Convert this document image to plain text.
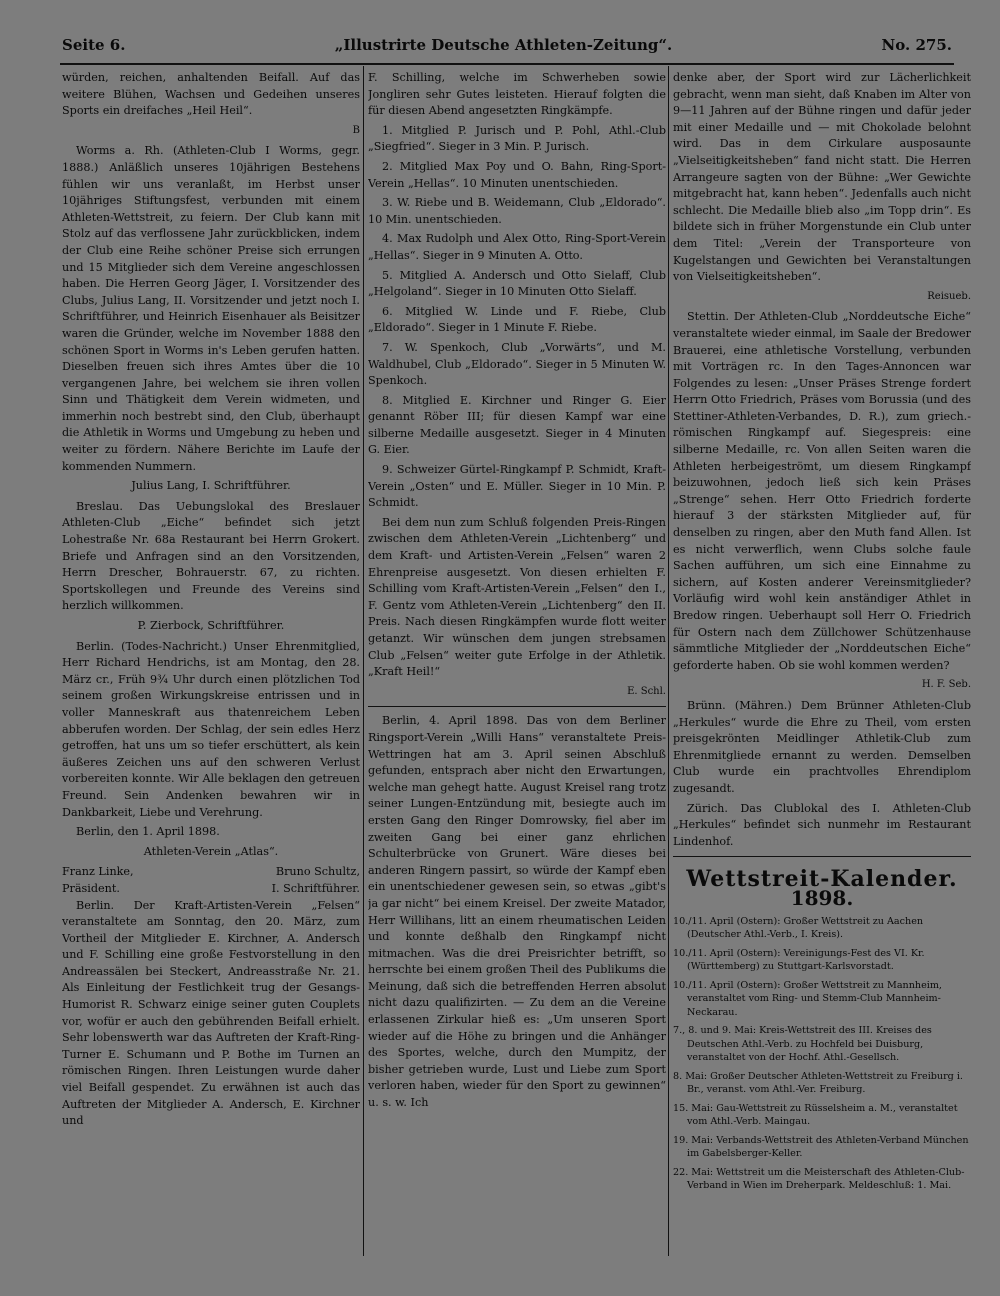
Seite 6.	„Illustrirte Deutsche Athleten-Zeitung“.	No. 275.

würden, reichen, anhaltenden Beifall. Auf das weitere Blühen, Wachsen und Gedeihen unseres Sports ein dreifaches „Heil Heil“.

B

Worms a. Rh. (Athleten-Club I Worms, gegr. 1888.) Anläßlich unseres 10jährigen Bestehens fühlen wir uns veranlaßt, im Herbst unser 10jähriges Stiftungsfest, verbunden mit einem Athleten-Wettstreit, zu feiern. Der Club kann mit Stolz auf das verflossene Jahr zurückblicken, indem der Club eine Reihe schöner Preise sich errungen und 15 Mitglieder sich dem Vereine angeschlossen haben. Die Herren Georg Jäger, I. Vorsitzender des Clubs, Julius Lang, II. Vorsitzender und jetzt noch I. Schriftführer, und Heinrich Eisenhauer als Beisitzer waren die Gründer, welche im November 1888 den schönen Sport in Worms in's Leben gerufen hatten. Dieselben freuen sich ihres Amtes über die 10 vergangenen Jahre, bei welchem sie ihren vollen Sinn und Thätigkeit dem Verein widmeten, und immerhin noch bestrebt sind, den Club, überhaupt die Athletik in Worms und Umgebung zu heben und weiter zu fördern. Nähere Berichte im Laufe der kommenden Nummern.

Julius Lang, I. Schriftführer.

Breslau. Das Uebungslokal des Breslauer Athleten-Club „Eiche“ befindet sich jetzt Lohestraße Nr. 68a Restaurant bei Herrn Grokert. Briefe und Anfragen sind an den Vorsitzenden, Herrn Drescher, Bohrauerstr. 67, zu richten. Sportskollegen und Freunde des Vereins sind herzlich willkommen.

P. Zierbock, Schriftführer.

Berlin. (Todes-Nachricht.) Unser Ehrenmitglied, Herr Richard Hendrichs, ist am Montag, den 28. März cr., Früh 9¾ Uhr durch einen plötzlichen Tod seinem großen Wirkungskreise entrissen und in voller Manneskraft aus thatenreichem Leben abberufen worden. Der Schlag, der sein edles Herz getroffen, hat uns um so tiefer erschüttert, als kein äußeres Zeichen uns auf den schweren Verlust vorbereiten konnte. Wir Alle beklagen den getreuen Freund. Sein Andenken bewahren wir in Dankbarkeit, Liebe und Verehrung.

Berlin, den 1. April 1898.

Athleten-Verein „Atlas“.
Franz Linke,	Bruno Schultz,
Präsident.	I. Schriftführer.

Berlin. Der Kraft-Artisten-Verein „Felsen“ veranstaltete am Sonntag, den 20. März, zum Vortheil der Mitglieder E. Kirchner, A. Andersch und F. Schilling eine große Festvorstellung in den Andreassälen bei Steckert, Andreasstraße Nr. 21. Als Einleitung der Festlichkeit trug der Gesangs-Humorist R. Schwarz einige seiner guten Couplets vor, wofür er auch den gebührenden Beifall erhielt. Sehr lobenswerth war das Auftreten der Kraft-Ring-Turner E. Schumann und P. Bothe im Turnen an römischen Ringen. Ihren Leistungen wurde daher viel Beifall gespendet. Zu erwähnen ist auch das Auftreten der Mitglieder A. Andersch, E. Kirchner und

F. Schilling, welche im Schwerheben sowie Jongliren sehr Gutes leisteten. Hierauf folgten die für diesen Abend angesetzten Ringkämpfe.

1. Mitglied P. Jurisch und P. Pohl, Athl.-Club „Siegfried“. Sieger in 3 Min. P. Jurisch.

2. Mitglied Max Poy und O. Bahn, Ring-Sport-Verein „Hellas“. 10 Minuten unentschieden.

3. W. Riebe und B. Weidemann, Club „Eldorado“. 10 Min. unentschieden.

4. Max Rudolph und Alex Otto, Ring-Sport-Verein „Hellas“. Sieger in 9 Minuten A. Otto.

5. Mitglied A. Andersch und Otto Sielaff, Club „Helgoland“. Sieger in 10 Minuten Otto Sielaff.

6. Mitglied W. Linde und F. Riebe, Club „Eldorado“. Sieger in 1 Minute F. Riebe.

7. W. Spenkoch, Club „Vorwärts“, und M. Waldhubel, Club „Eldorado“. Sieger in 5 Minuten W. Spenkoch.

8. Mitglied E. Kirchner und Ringer G. Eier genannt Röber III; für diesen Kampf war eine silberne Medaille ausgesetzt. Sieger in 4 Minuten G. Eier.

9. Schweizer Gürtel-Ringkampf P. Schmidt, Kraft-Verein „Osten“ und E. Müller. Sieger in 10 Min. P. Schmidt.

Bei dem nun zum Schluß folgenden Preis-Ringen zwischen dem Athleten-Verein „Lichtenberg“ und dem Kraft- und Artisten-Verein „Felsen“ waren 2 Ehrenpreise ausgesetzt. Von diesen erhielten F. Schilling vom Kraft-Artisten-Verein „Felsen“ den I., F. Gentz vom Athleten-Verein „Lichtenberg“ den II. Preis. Nach diesen Ringkämpfen wurde flott weiter getanzt. Wir wünschen dem jungen strebsamen Club „Felsen“ weiter gute Erfolge in der Athletik. „Kraft Heil!“

E. Schl.

Berlin, 4. April 1898. Das von dem Berliner Ringsport-Verein „Willi Hans“ veranstaltete Preis-Wettringen hat am 3. April seinen Abschluß gefunden, entsprach aber nicht den Erwartungen, welche man gehegt hatte. August Kreisel rang trotz seiner Lungen-Entzündung mit, besiegte auch im ersten Gang den Ringer Domrowsky, fiel aber im zweiten Gang bei einer ganz ehrlichen Schulterbrücke von Grunert. Wäre dieses bei anderen Ringern passirt, so würde der Kampf eben ein unentschiedener gewesen sein, so etwas „gibt's ja gar nicht“ bei einem Kreisel. Der zweite Matador, Herr Willihans, litt an einem rheumatischen Leiden und konnte deßhalb den Ringkampf nicht mitmachen. Was die drei Preisrichter betrifft, so herrschte bei einem großen Theil des Publikums die Meinung, daß sich die betreffenden Herren absolut nicht dazu qualifizirten. — Zu dem an die Vereine erlassenen Zirkular hieß es: „Um unseren Sport wieder auf die Höhe zu bringen und die Anhänger des Sportes, welche, durch den Mumpitz, der bisher getrieben wurde, Lust und Liebe zum Sport verloren haben, wieder für den Sport zu gewinnen“ u. s. w. Ich

denke aber, der Sport wird zur Lächerlichkeit gebracht, wenn man sieht, daß Knaben im Alter von 9—11 Jahren auf der Bühne ringen und dafür jeder mit einer Medaille und — mit Chokolade belohnt wird. Das in dem Cirkulare ausposaunte „Vielseitigkeitsheben“ fand nicht statt. Die Herren Arrangeure sagten von der Bühne: „Wer Gewichte mitgebracht hat, kann heben“. Jedenfalls auch nicht schlecht. Die Medaille blieb also „im Topp drin“. Es bildete sich in früher Morgenstunde ein Club unter dem Titel: „Verein der Transporteure von Kugelstangen und Gewichten bei Veranstaltungen von Vielseitigkeitsheben“.

Reisueb.

Stettin. Der Athleten-Club „Norddeutsche Eiche“ veranstaltete wieder einmal, im Saale der Bredower Brauerei, eine athletische Vorstellung, verbunden mit Vorträgen rc. In den Tages-Annoncen war Folgendes zu lesen: „Unser Präses Strenge fordert Herrn Otto Friedrich, Präses vom Borussia (und des Stettiner-Athleten-Verbandes, D. R.), zum griech.-römischen Ringkampf auf. Siegespreis: eine silberne Medaille, rc. Von allen Seiten waren die Athleten herbeigeströmt, um diesem Ringkampf beizuwohnen, jedoch ließ sich kein Präses „Strenge“ sehen. Herr Otto Friedrich forderte hierauf 3 der stärksten Mitglieder auf, für denselben zu ringen, aber den Muth fand Allen. Ist es nicht verwerflich, wenn Clubs solche faule Sachen aufführen, um sich eine Einnahme zu sichern, auf Kosten anderer Vereinsmitglieder? Vorläufig wird wohl kein anständiger Athlet in Bredow ringen. Ueberhaupt soll Herr O. Friedrich für Ostern nach dem Züllchower Schützenhause sämmtliche Mitglieder der „Norddeutschen Eiche“ geforderte haben. Ob sie wohl kommen werden?

H. F. Seb.

Brünn. (Mähren.) Dem Brünner Athleten-Club „Herkules“ wurde die Ehre zu Theil, vom ersten preisgekrönten Meidlinger Athletik-Club zum Ehrenmitgliede ernannt zu werden. Demselben Club wurde ein prachtvolles Ehrendiplom zugesandt.

Zürich. Das Clublokal des I. Athleten-Club „Herkules“ befindet sich nunmehr im Restaurant Lindenhof.

Wettstreit-Kalender.
1898.
10./11. April (Ostern): Großer Wettstreit zu Aachen (Deutscher Athl.-Verb., I. Kreis).
10./11. April (Ostern): Vereinigungs-Fest des VI. Kr. (Württemberg) zu Stuttgart-Karlsvorstadt.
10./11. April (Ostern): Großer Wettstreit zu Mannheim, veranstaltet vom Ring- und Stemm-Club Mannheim-Neckarau.
7., 8. und 9. Mai: Kreis-Wettstreit des III. Kreises des Deutschen Athl.-Verb. zu Hochfeld bei Duisburg, veranstaltet von der Hochf. Athl.-Gesellsch.
8. Mai: Großer Deutscher Athleten-Wettstreit zu Freiburg i. Br., veranst. vom Athl.-Ver. Freiburg.
15. Mai: Gau-Wettstreit zu Rüsselsheim a. M., veranstaltet vom Athl.-Verb. Maingau.
19. Mai: Verbands-Wettstreit des Athleten-Verband München im Gabelsberger-Keller.
22. Mai: Wettstreit um die Meisterschaft des Athleten-Club-Verband in Wien im Dreherpark. Meldeschluß: 1. Mai.
